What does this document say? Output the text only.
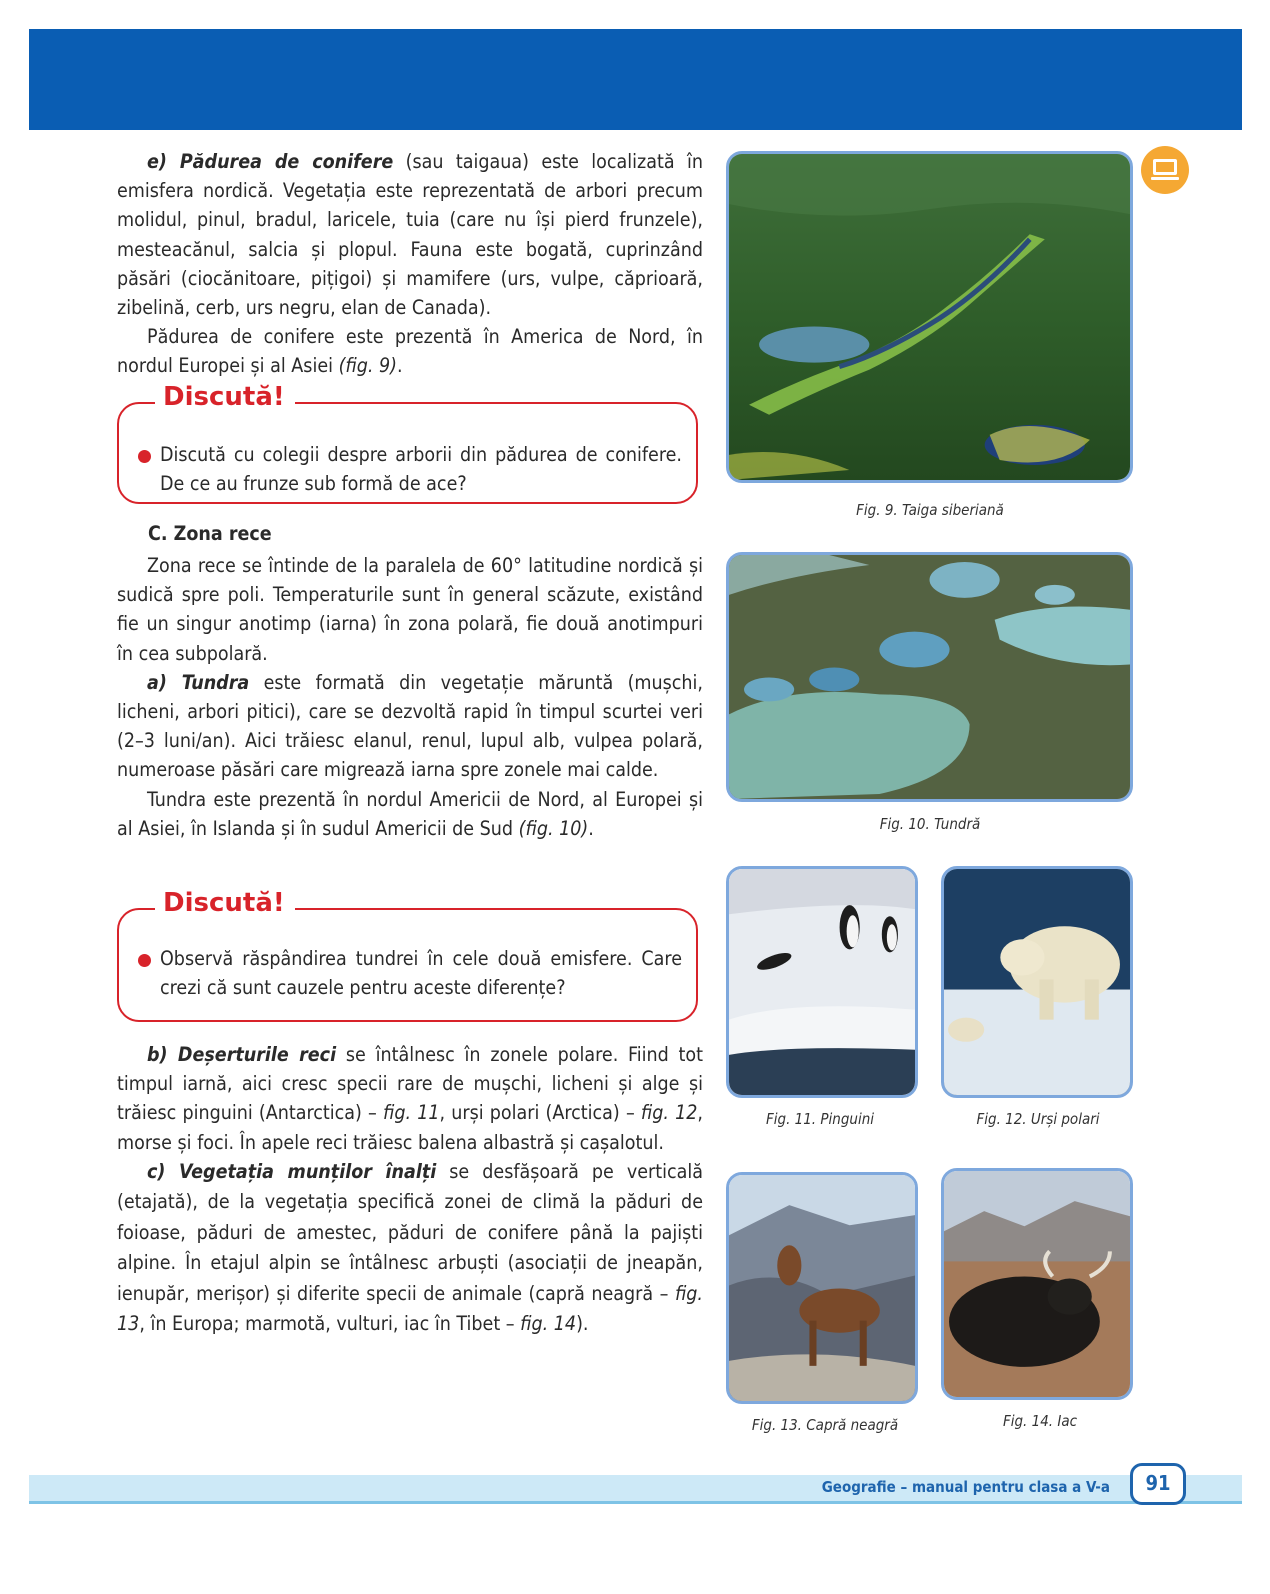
e) Pădurea de conifere (sau taigaua) este localizată în emisfera nordică. Vegetația este reprezentată de arbori precum molidul, pinul, bradul, laricele, tuia (care nu își pierd frunzele), mesteacănul, salcia și plopul. Fauna este bogată, cuprinzând păsări (ciocănitoare, pițigoi) și mamifere (urs, vulpe, căprioară, zibelină, cerb, urs negru, elan de Canada).

Pădurea de conifere este prezentă în America de Nord, în nordul Europei și al Asiei (fig. 9).

Discută!
Discută cu colegii despre arborii din pădurea de conifere. De ce au frunze sub formă de ace?
C. Zona rece

Zona rece se întinde de la paralela de 60° latitudine nordică și sudică spre poli. Temperaturile sunt în general scăzute, existând fie un singur anotimp (iarna) în zona polară, fie două anotimpuri în cea subpolară.

a) Tundra este formată din vegetație măruntă (mușchi, licheni, arbori pitici), care se dezvoltă rapid în timpul scurtei veri (2–3 luni/an). Aici trăiesc elanul, renul, lupul alb, vulpea polară, numeroase păsări care migrează iarna spre zonele mai calde.

Tundra este prezentă în nordul Americii de Nord, al Europei și al Asiei, în Islanda și în sudul Americii de Sud (fig. 10).

Discută!
Observă răspândirea tundrei în cele două emisfere. Care crezi că sunt cauzele pentru aceste diferențe?

b) Deșerturile reci se întâlnesc în zonele polare. Fiind tot timpul iarnă, aici cresc specii rare de mușchi, licheni și alge și trăiesc pinguini (Antarctica) – fig. 11, urși polari (Arctica) – fig. 12, morse și foci. În apele reci trăiesc balena albastră și cașalotul.

c) Vegetația munților înalți se desfășoară pe verticală (etajată), de la vegetația specifică zonei de climă la păduri de foioase, păduri de amestec, păduri de conifere până la pajiști alpine. În etajul alpin se întâlnesc arbuști (asociații de jneapăn, ienupăr, merișor) și diferite specii de animale (capră neagră – fig. 13, în Europa; marmotă, vulturi, iac în Tibet – fig. 14).

Fig. 9. Taiga siberiană
Fig. 10. Tundră
Fig. 11. Pinguini	Fig. 12. Urși polari
Fig. 13. Capră neagră	Fig. 14. Iac
Geografie – manual pentru clasa a V-a	91
